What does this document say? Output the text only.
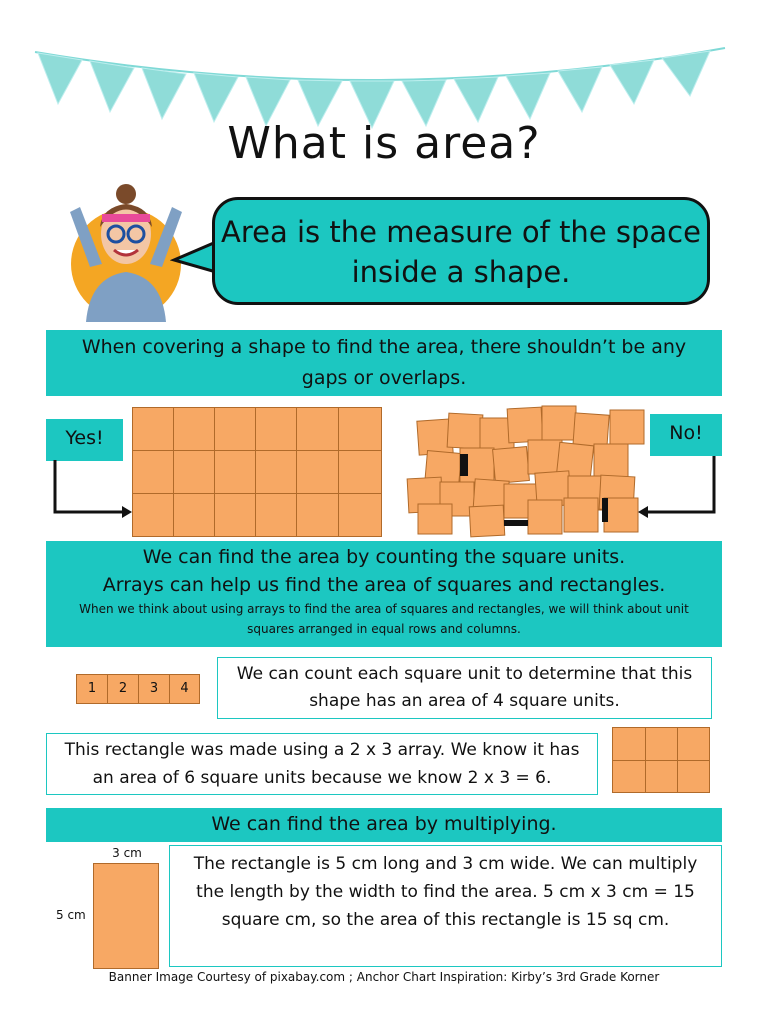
What is area?
Area is the measure of the space inside a shape.
When covering a shape to find the area, there shouldn’t be any gaps or overlaps.
Yes!	No!
We can find the area by counting the square units.
Arrays can help us find the area of squares and rectangles.
When we think about using arrays to find the area of squares and rectangles, we will think about unit squares arranged in equal rows and columns.
1	2	3	4
We can count each square unit to determine that this shape has an area of 4 square units.
This rectangle was made using a 2 x 3 array. We know it has an area of 6 square units because we know 2 x 3 = 6.
We can find the area by multiplying.
3 cm
5 cm
The rectangle is 5 cm long and 3 cm wide. We can multiply the length by the width to find the area. 5 cm x 3 cm = 15 square cm, so the area of this rectangle is 15 sq cm.
Banner Image Courtesy of pixabay.com ; Anchor Chart Inspiration: Kirby’s 3rd Grade Korner
